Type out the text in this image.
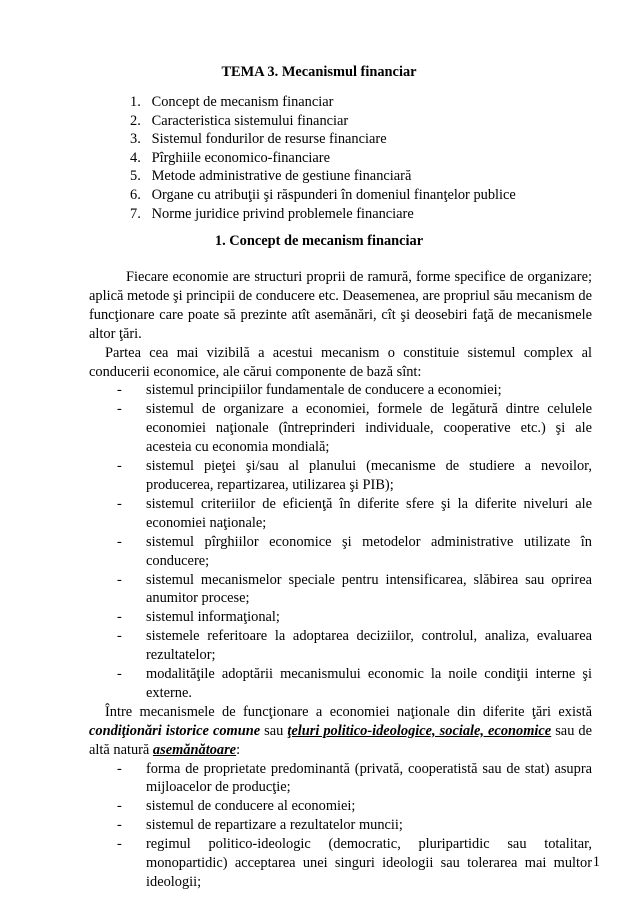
TEMA 3. Mecanismul financiar
1. Concept de mecanism financiar
2. Caracteristica sistemului financiar
3. Sistemul fondurilor de resurse financiare
4. Pîrghiile economico-financiare
5. Metode administrative de gestiune financiară
6. Organe cu atribuţii şi răspunderi în domeniul finanţelor publice
7. Norme juridice privind problemele financiare
1. Concept de mecanism financiar

Fiecare economie are structuri proprii de ramură, forme specifice de organizare; aplică metode şi principii de conducere etc. Deasemenea, are propriul său mecanism de funcţionare care poate să prezinte atît asemănări, cît şi deosebiri faţă de mecanismele altor ţări.

Partea cea mai vizibilă a acestui mecanism o constituie sistemul complex al conducerii economice, ale cărui componente de bază sînt:

- sistemul principiilor fundamentale de conducere a economiei;
- sistemul de organizare a economiei, formele de legătură dintre celulele economiei naţionale (întreprinderi individuale, cooperative etc.) şi ale acesteia cu economia mondială;
- sistemul pieţei şi/sau al planului (mecanisme de studiere a nevoilor, producerea, repartizarea, utilizarea şi PIB);
- sistemul criteriilor de eficienţă în diferite sfere şi la diferite niveluri ale economiei naţionale;
- sistemul pîrghiilor economice şi metodelor administrative utilizate în conducere;
- sistemul mecanismelor speciale pentru intensificarea, slăbirea sau oprirea anumitor procese;
- sistemul informaţional;
- sistemele referitoare la adoptarea deciziilor, controlul, analiza, evaluarea rezultatelor;
- modalităţile adoptării mecanismului economic la noile condiţii interne şi externe.

Între mecanismele de funcţionare a economiei naţionale din diferite ţări există condiţionări istorice comune sau ţeluri politico-ideologice, sociale, economice sau de altă natură asemănătoare:

- forma de proprietate predominantă (privată, cooperatistă sau de stat) asupra mijloacelor de producţie;
- sistemul de conducere al economiei;
- sistemul de repartizare a rezultatelor muncii;
- regimul politico-ideologic (democratic, pluripartidic sau totalitar, monopartidic) acceptarea unei singuri ideologii sau tolerarea mai multor ideologii;
1
